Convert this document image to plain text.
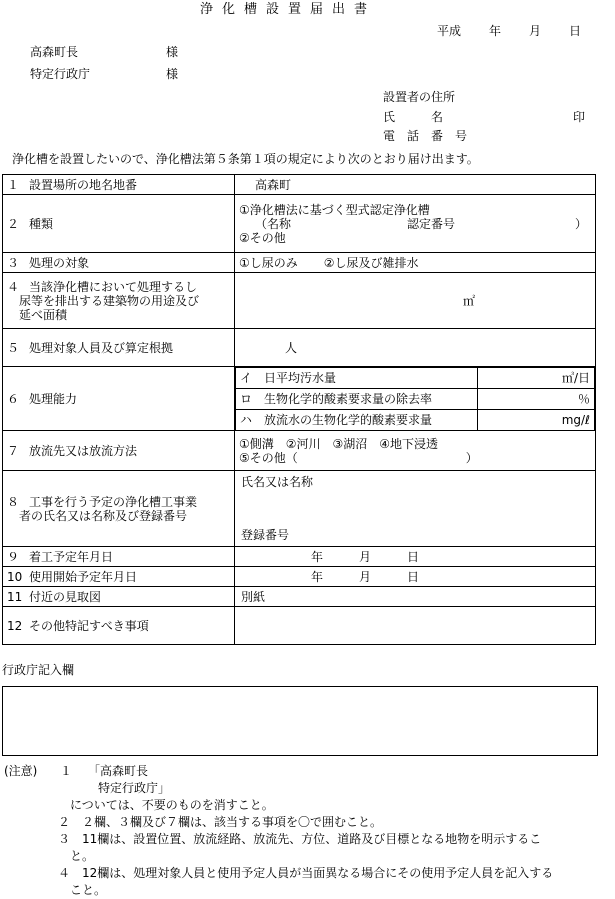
浄化槽設置届出書
平成 年 月 日
高森町長	様
特定行政庁	様
設置者の住所
氏　　　名	印
電　話　番　号
浄化槽を設置したいので、浄化槽法第５条第１項の規定により次のとおり届け出ます。
１ 設置場所の地名地番	高森町
２ 種類	
①浄化槽法に基づく型式認定浄化槽
（名称	認定番号	）
②その他

３ 処理の対象	①し尿のみ ②し尿及び雑排水

４ 当該浄化槽において処理するし
尿等を排出する建築物の用途及び
延べ面積
	㎡
５ 処理対象人員及び算定根拠	人
６ 処理能力	
イ　日平均汚水量	㎥/日
ロ　生物化学的酸素要求量の除去率	％
ハ　放流水の生物化学的酸素要求量	mg/ℓ

７ 放流先又は放流方法	①側溝　②河川　③湖沼　④地下浸透
⑤その他（　　　　　　　　　　　　　　）

８ 工事を行う予定の浄化槽工事業
者の氏名又は名称及び登録番号

氏名又は名称
登録番号

９ 着工予定年月日	年　　　月　　　日
10 使用開始予定年月日	年　　　月　　　日
11 付近の見取図	別紙
12 その他特記すべき事項	
行政庁記入欄
(注意) １ 「高森町長
特定行政庁」
については、不要のものを消すこと。
２　２欄、３欄及び７欄は、該当する事項を〇で囲むこと。
３　11欄は、設置位置、放流経路、放流先、方位、道路及び目標となる地物を明示するこ
と。
４　12欄は、処理対象人員と使用予定人員が当面異なる場合にその使用予定人員を記入する
こと。
